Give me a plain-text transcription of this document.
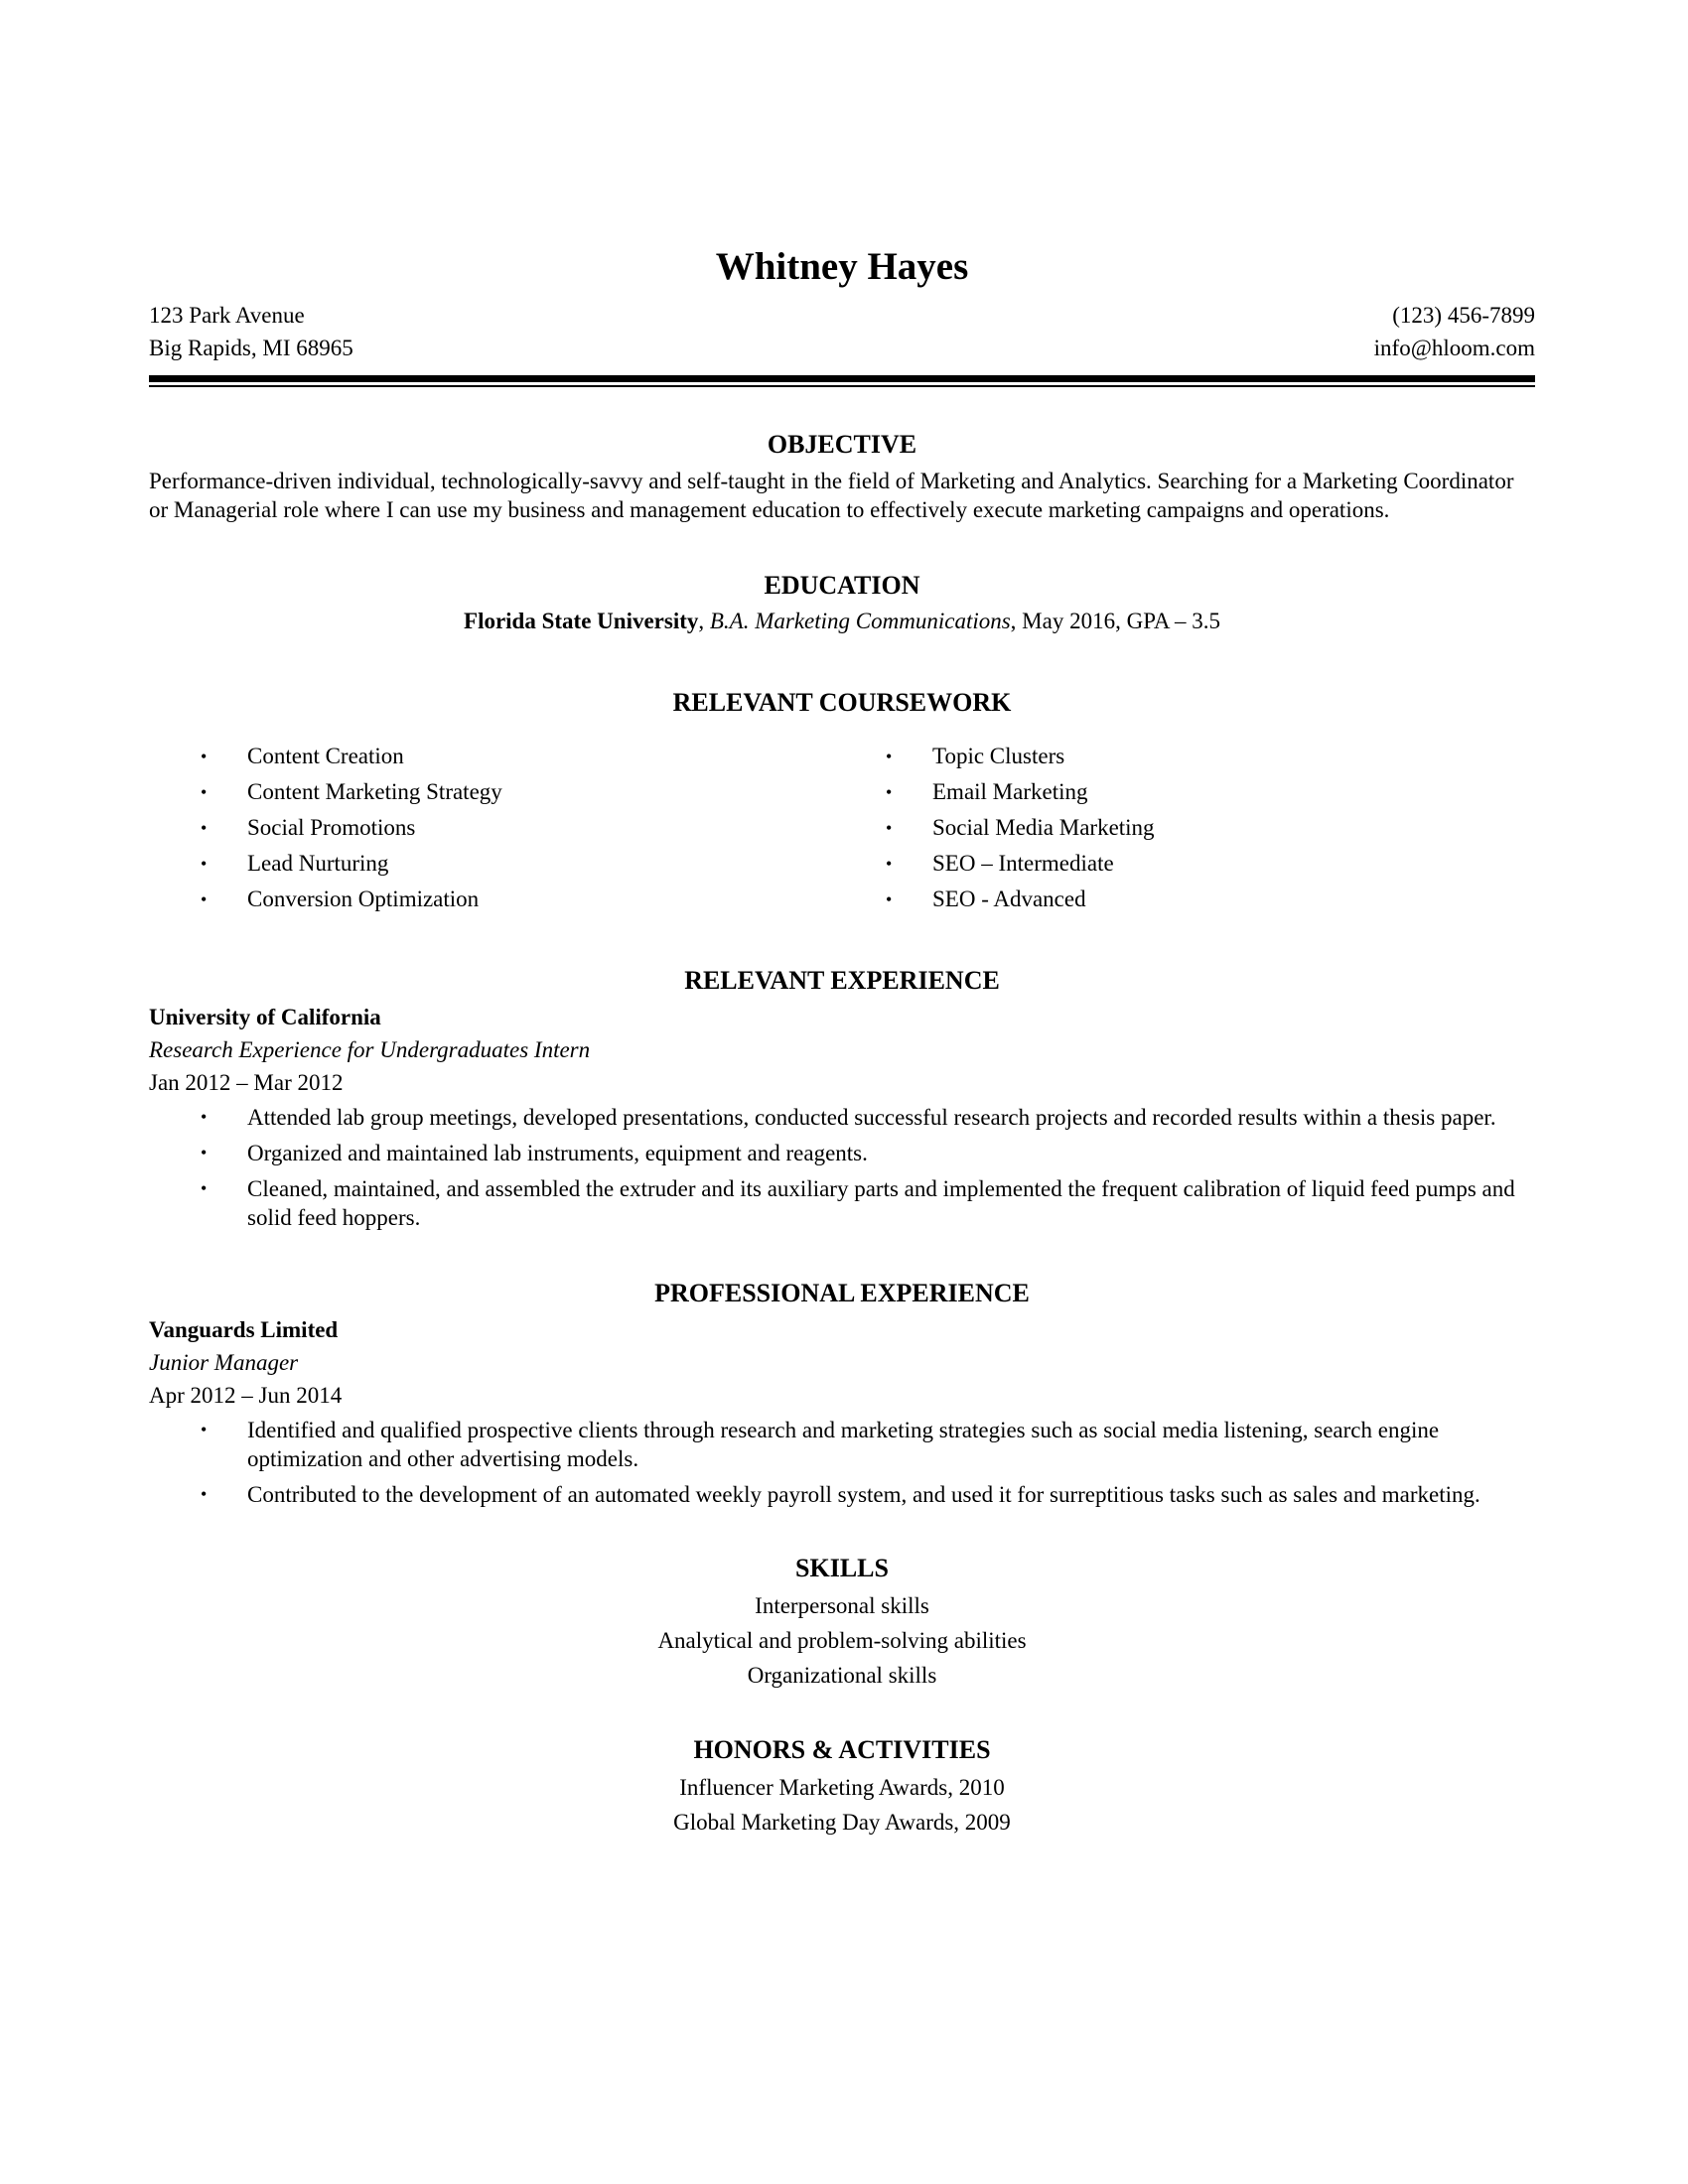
Whitney Hayes
123 Park Avenue
Big Rapids, MI 68965
(123) 456-7899
info@hloom.com
OBJECTIVE
Performance-driven individual, technologically-savvy and self-taught in the field of Marketing and Analytics. Searching for a Marketing Coordinator or Managerial role where I can use my business and management education to effectively execute marketing campaigns and operations.
EDUCATION
Florida State University, B.A. Marketing Communications, May 2016, GPA – 3.5
RELEVANT COURSEWORK
• Content Creation
• Content Marketing Strategy
• Social Promotions
• Lead Nurturing
• Conversion Optimization
• Topic Clusters
• Email Marketing
• Social Media Marketing
• SEO – Intermediate
• SEO - Advanced
RELEVANT EXPERIENCE
University of California
Research Experience for Undergraduates Intern
Jan 2012 – Mar 2012
• Attended lab group meetings, developed presentations, conducted successful research projects and recorded results within a thesis paper.
• Organized and maintained lab instruments, equipment and reagents.
• Cleaned, maintained, and assembled the extruder and its auxiliary parts and implemented the frequent calibration of liquid feed pumps and solid feed hoppers.
PROFESSIONAL EXPERIENCE
Vanguards Limited
Junior Manager
Apr 2012 – Jun 2014
• Identified and qualified prospective clients through research and marketing strategies such as social media listening, search engine optimization and other advertising models.
• Contributed to the development of an automated weekly payroll system, and used it for surreptitious tasks such as sales and marketing.
SKILLS
Interpersonal skills
Analytical and problem-solving abilities
Organizational skills
HONORS & ACTIVITIES
Influencer Marketing Awards, 2010
Global Marketing Day Awards, 2009
